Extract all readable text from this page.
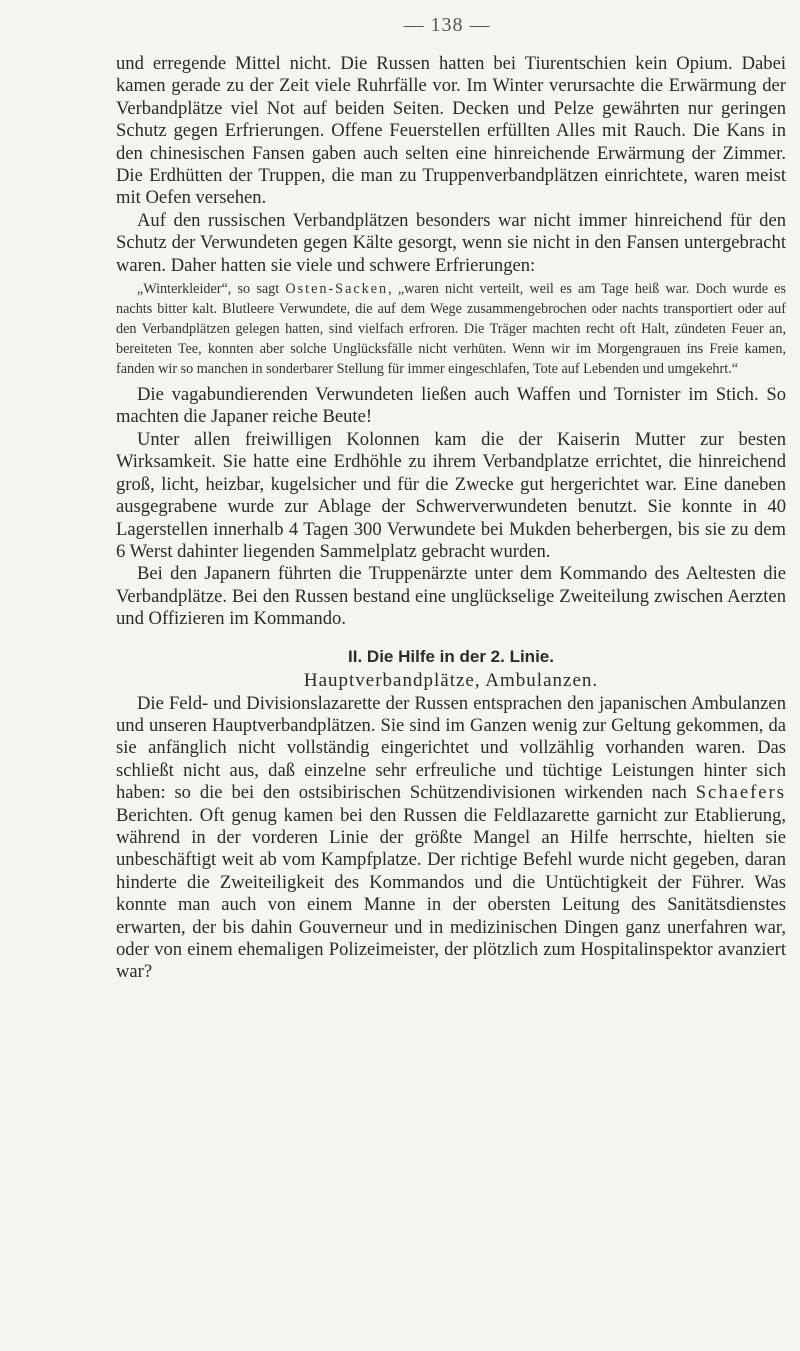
— 138 —

und erregende Mittel nicht. Die Russen hatten bei Tiurentschien kein Opium. Dabei kamen gerade zu der Zeit viele Ruhrfälle vor. Im Winter verursachte die Erwärmung der Verbandplätze viel Not auf beiden Seiten. Decken und Pelze gewährten nur geringen Schutz gegen Erfrierungen. Offene Feuerstellen erfüllten Alles mit Rauch. Die Kans in den chinesischen Fansen gaben auch selten eine hinreichende Erwärmung der Zimmer. Die Erdhütten der Truppen, die man zu Truppenverbandplätzen einrichtete, waren meist mit Oefen versehen.

Auf den russischen Verbandplätzen besonders war nicht immer hinreichend für den Schutz der Verwundeten gegen Kälte gesorgt, wenn sie nicht in den Fansen untergebracht waren. Daher hatten sie viele und schwere Erfrierungen:

„Winterkleider“, so sagt Osten-Sacken, „waren nicht verteilt, weil es am Tage heiß war. Doch wurde es nachts bitter kalt. Blutleere Verwundete, die auf dem Wege zusammengebrochen oder nachts transportiert oder auf den Verbandplätzen gelegen hatten, sind vielfach erfroren. Die Träger machten recht oft Halt, zündeten Feuer an, bereiteten Tee, konnten aber solche Unglücksfälle nicht verhüten. Wenn wir im Morgengrauen ins Freie kamen, fanden wir so manchen in sonderbarer Stellung für immer eingeschlafen, Tote auf Lebenden und umgekehrt.“

Die vagabundierenden Verwundeten ließen auch Waffen und Tornister im Stich. So machten die Japaner reiche Beute!

Unter allen freiwilligen Kolonnen kam die der Kaiserin Mutter zur besten Wirksamkeit. Sie hatte eine Erdhöhle zu ihrem Verbandplatze errichtet, die hinreichend groß, licht, heizbar, kugelsicher und für die Zwecke gut hergerichtet war. Eine daneben ausgegrabene wurde zur Ablage der Schwerverwundeten benutzt. Sie konnte in 40 Lagerstellen innerhalb 4 Tagen 300 Verwundete bei Mukden beherbergen, bis sie zu dem 6 Werst dahinter liegenden Sammelplatz gebracht wurden.

Bei den Japanern führten die Truppenärzte unter dem Kommando des Aeltesten die Verbandplätze. Bei den Russen bestand eine unglückselige Zweiteilung zwischen Aerzten und Offizieren im Kommando.

II. Die Hilfe in der 2. Linie.
Hauptverbandplätze, Ambulanzen.

Die Feld- und Divisionslazarette der Russen entsprachen den japanischen Ambulanzen und unseren Hauptverbandplätzen. Sie sind im Ganzen wenig zur Geltung gekommen, da sie anfänglich nicht vollständig eingerichtet und vollzählig vorhanden waren. Das schließt nicht aus, daß einzelne sehr erfreuliche und tüchtige Leistungen hinter sich haben: so die bei den ostsibirischen Schützendivisionen wirkenden nach Schaefers Berichten. Oft genug kamen bei den Russen die Feldlazarette garnicht zur Etablierung, während in der vorderen Linie der größte Mangel an Hilfe herrschte, hielten sie unbeschäftigt weit ab vom Kampfplatze. Der richtige Befehl wurde nicht gegeben, daran hinderte die Zweiteiligkeit des Kommandos und die Untüchtigkeit der Führer. Was konnte man auch von einem Manne in der obersten Leitung des Sanitätsdienstes erwarten, der bis dahin Gouverneur und in medizinischen Dingen ganz unerfahren war, oder von einem ehemaligen Polizeimeister, der plötzlich zum Hospitalinspektor avanziert war?
